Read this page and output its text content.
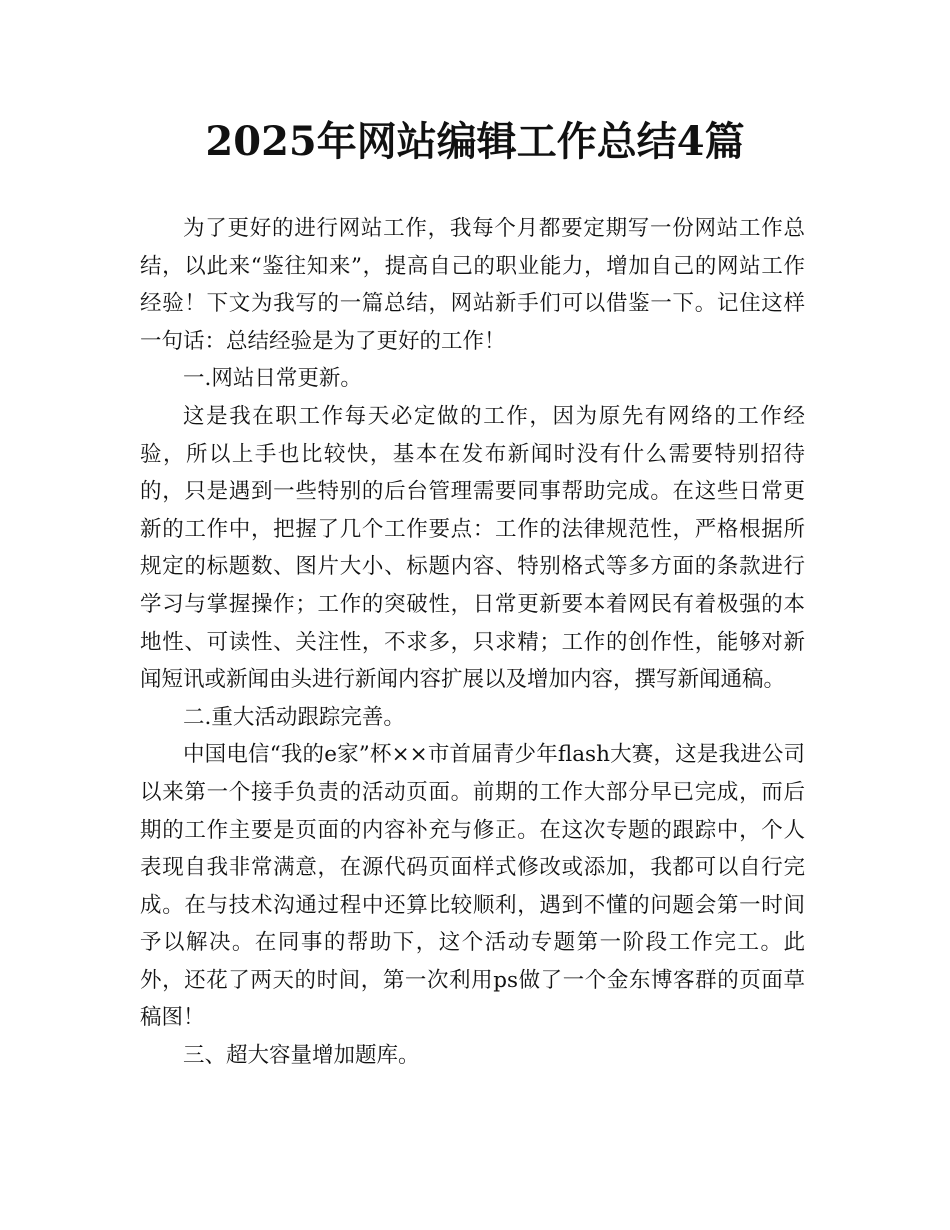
2025年网站编辑工作总结4篇

为了更好的进行网站工作，我每个月都要定期写一份网站工作总结，以此来“鉴往知来”，提高自己的职业能力，增加自己的网站工作经验！下文为我写的一篇总结，网站新手们可以借鉴一下。记住这样一句话：总结经验是为了更好的工作！

一.网站日常更新。

这是我在职工作每天必定做的工作，因为原先有网络的工作经验，所以上手也比较快，基本在发布新闻时没有什么需要特别招待的，只是遇到一些特别的后台管理需要同事帮助完成。在这些日常更新的工作中，把握了几个工作要点：工作的法律规范性，严格根据所规定的标题数、图片大小、标题内容、特别格式等多方面的条款进行学习与掌握操作；工作的突破性，日常更新要本着网民有着极强的本地性、可读性、关注性，不求多，只求精；工作的创作性，能够对新闻短讯或新闻由头进行新闻内容扩展以及增加内容，撰写新闻通稿。

二.重大活动跟踪完善。

中国电信“我的e家”杯××市首届青少年flash大赛，这是我进公司以来第一个接手负责的活动页面。前期的工作大部分早已完成，而后期的工作主要是页面的内容补充与修正。在这次专题的跟踪中，个人表现自我非常满意，在源代码页面样式修改或添加，我都可以自行完成。在与技术沟通过程中还算比较顺利，遇到不懂的问题会第一时间予以解决。在同事的帮助下，这个活动专题第一阶段工作完工。此外，还花了两天的时间，第一次利用ps做了一个金东博客群的页面草稿图！

三、超大容量增加题库。
